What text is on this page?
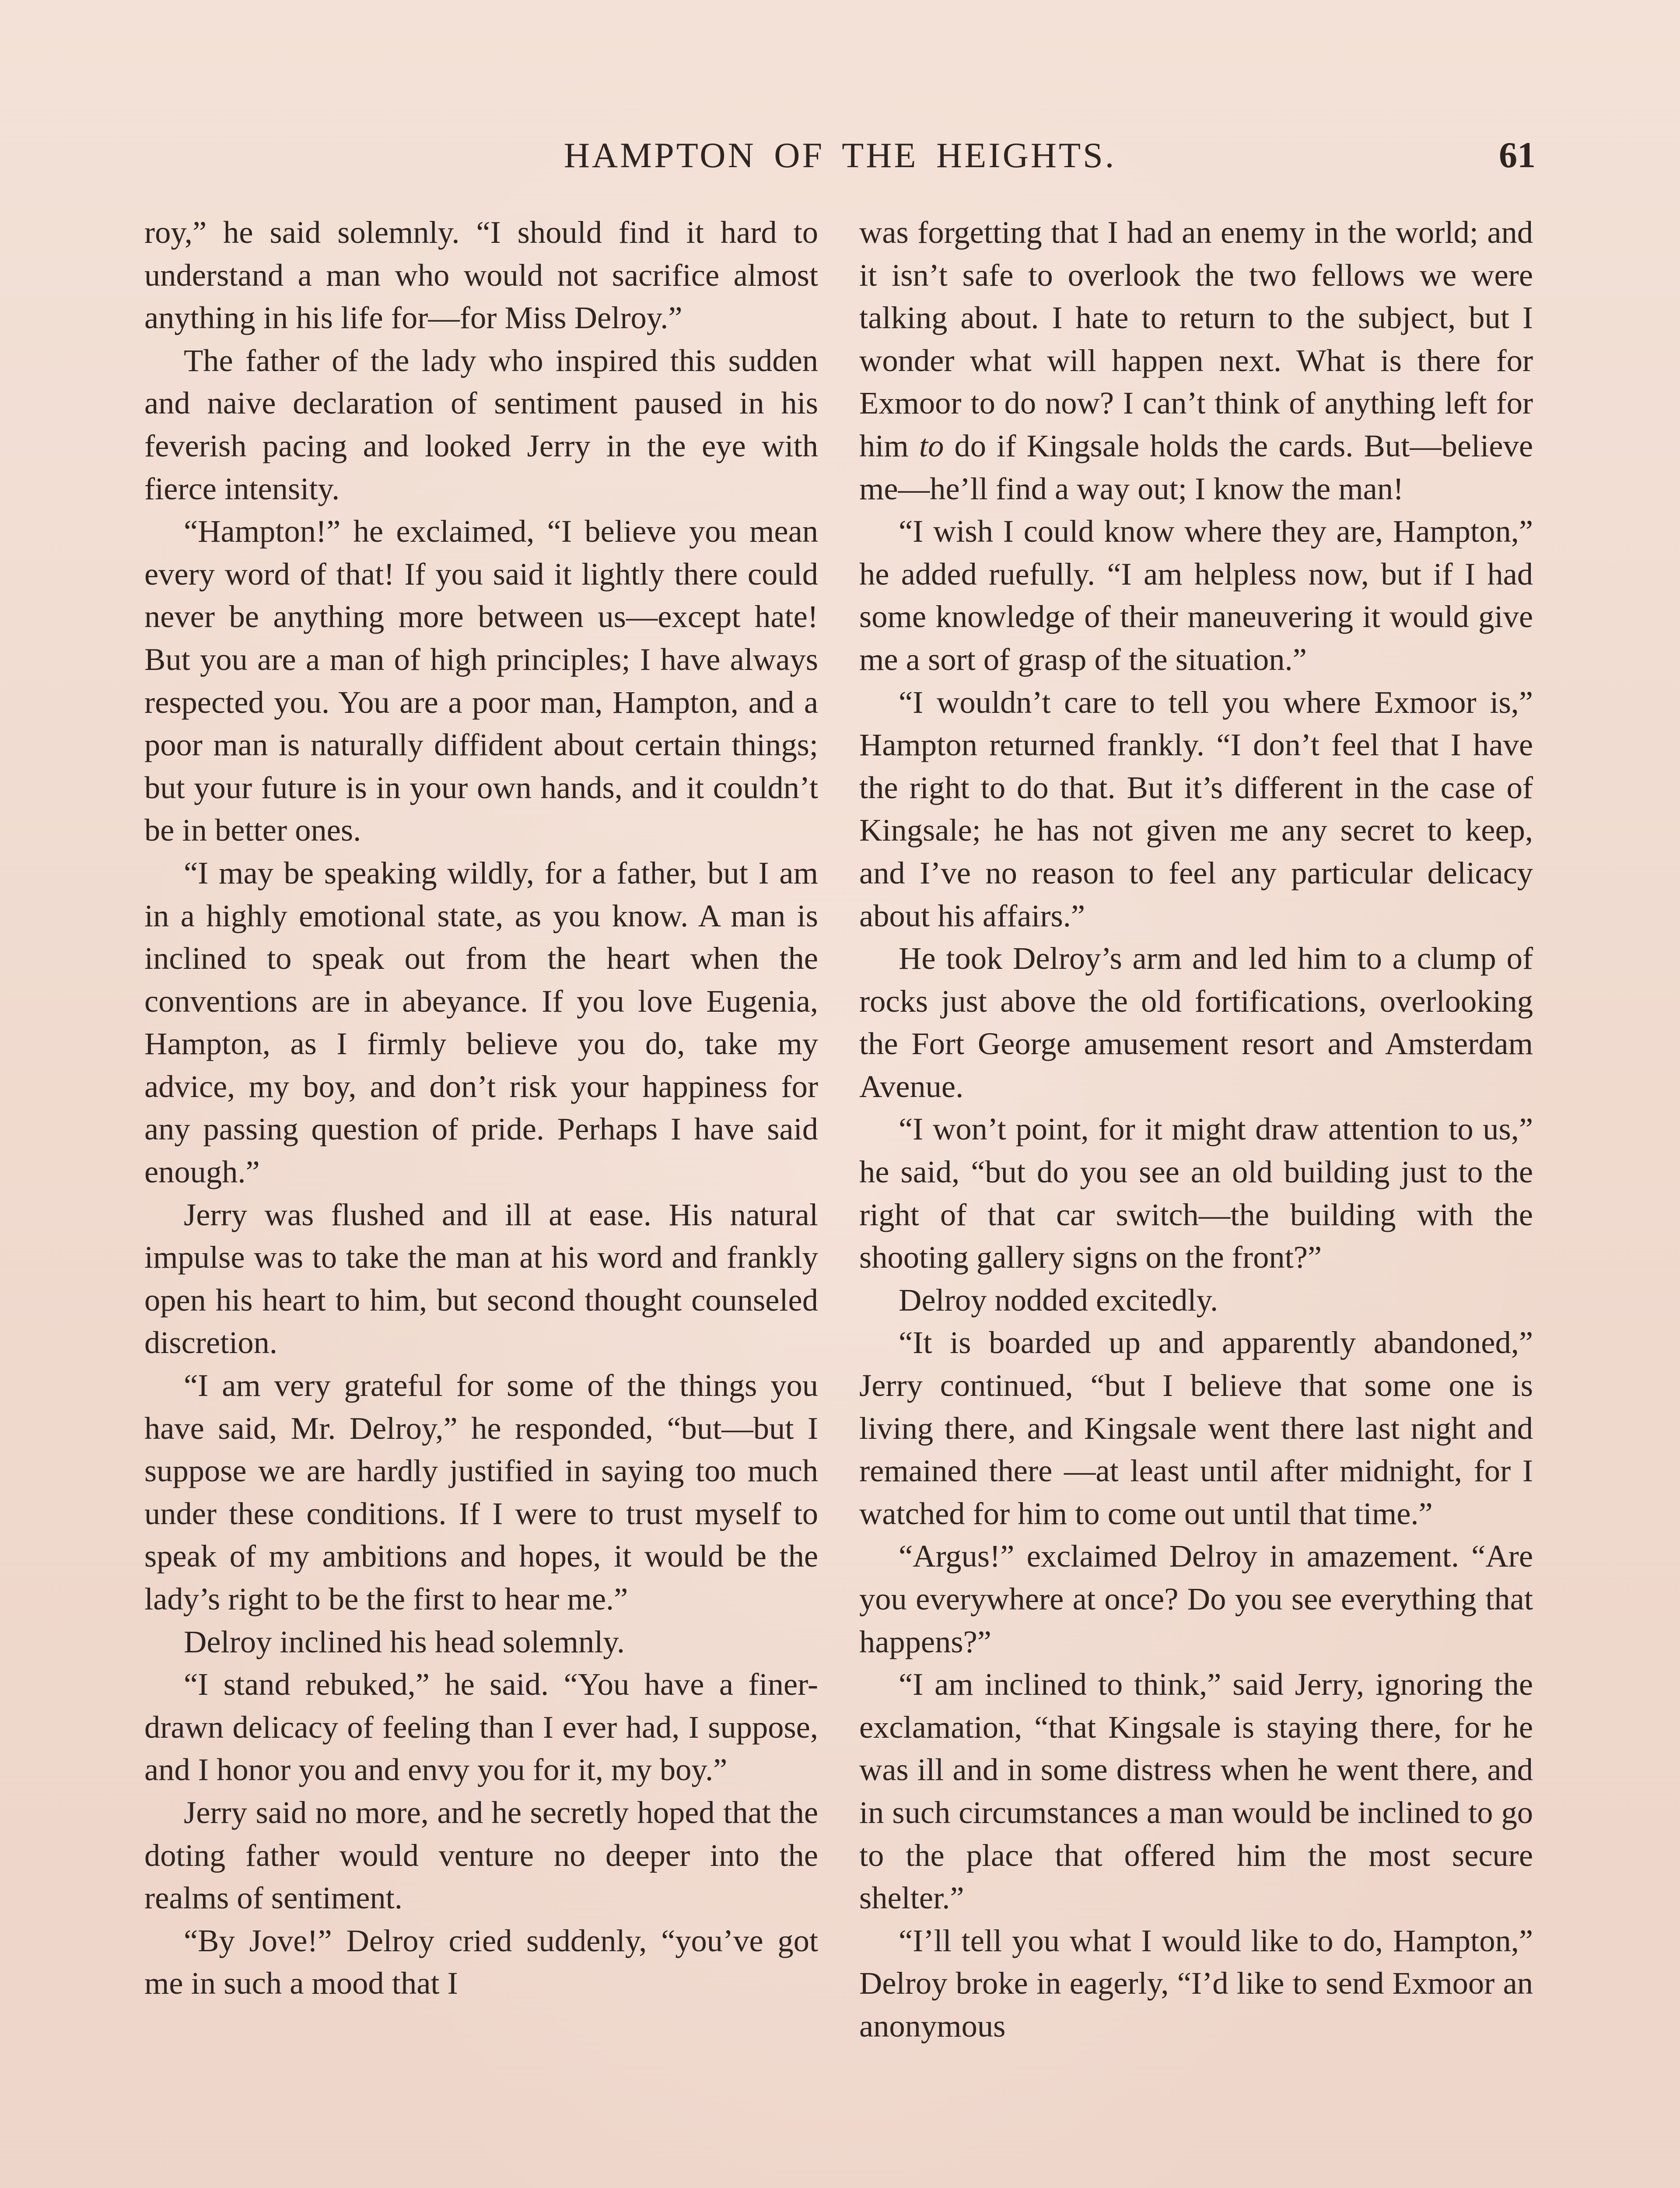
HAMPTON OF THE HEIGHTS.	61

roy,” he said solemnly. “I should find it hard to understand a man who would not sacrifice almost anything in his life for—for Miss Delroy.”

The father of the lady who inspired this sudden and naive declaration of sentiment paused in his feverish pacing and looked Jerry in the eye with fierce intensity.

“Hampton!” he exclaimed, “I believe you mean every word of that! If you said it lightly there could never be anything more between us—except hate! But you are a man of high principles; I have always respected you. You are a poor man, Hampton, and a poor man is naturally diffident about certain things; but your future is in your own hands, and it couldn’t be in better ones.

“I may be speaking wildly, for a father, but I am in a highly emotional state, as you know. A man is inclined to speak out from the heart when the conventions are in abeyance. If you love Eugenia, Hampton, as I firmly believe you do, take my advice, my boy, and don’t risk your happiness for any passing question of pride. Perhaps I have said enough.”

Jerry was flushed and ill at ease. His natural impulse was to take the man at his word and frankly open his heart to him, but second thought counseled discretion.

“I am very grateful for some of the things you have said, Mr. Delroy,” he responded, “but—but I suppose we are hardly justified in saying too much under these conditions. If I were to trust myself to speak of my ambitions and hopes, it would be the lady’s right to be the first to hear me.”

Delroy inclined his head solemnly.

“I stand rebuked,” he said. “You have a finer-drawn delicacy of feeling than I ever had, I suppose, and I honor you and envy you for it, my boy.”

Jerry said no more, and he secretly hoped that the doting father would venture no deeper into the realms of sentiment.

“By Jove!” Delroy cried suddenly, “you’ve got me in such a mood that I

was forgetting that I had an enemy in the world; and it isn’t safe to overlook the two fellows we were talking about. I hate to return to the subject, but I wonder what will happen next. What is there for Exmoor to do now? I can’t think of anything left for him to do if Kingsale holds the cards. But—believe me—he’ll find a way out; I know the man!

“I wish I could know where they are, Hampton,” he added ruefully. “I am helpless now, but if I had some knowledge of their maneuvering it would give me a sort of grasp of the situation.”

“I wouldn’t care to tell you where Exmoor is,” Hampton returned frankly. “I don’t feel that I have the right to do that. But it’s different in the case of Kingsale; he has not given me any secret to keep, and I’ve no reason to feel any particular delicacy about his affairs.”

He took Delroy’s arm and led him to a clump of rocks just above the old fortifications, overlooking the Fort George amusement resort and Amsterdam Avenue.

“I won’t point, for it might draw attention to us,” he said, “but do you see an old building just to the right of that car switch—the building with the shooting gallery signs on the front?”

Delroy nodded excitedly.

“It is boarded up and apparently abandoned,” Jerry continued, “but I believe that some one is living there, and Kingsale went there last night and remained there —at least until after midnight, for I watched for him to come out until that time.”

“Argus!” exclaimed Delroy in amazement. “Are you everywhere at once? Do you see everything that happens?”

“I am inclined to think,” said Jerry, ignoring the exclamation, “that Kingsale is staying there, for he was ill and in some distress when he went there, and in such circumstances a man would be inclined to go to the place that offered him the most secure shelter.”

“I’ll tell you what I would like to do, Hampton,” Delroy broke in eagerly, “I’d like to send Exmoor an anonymous
